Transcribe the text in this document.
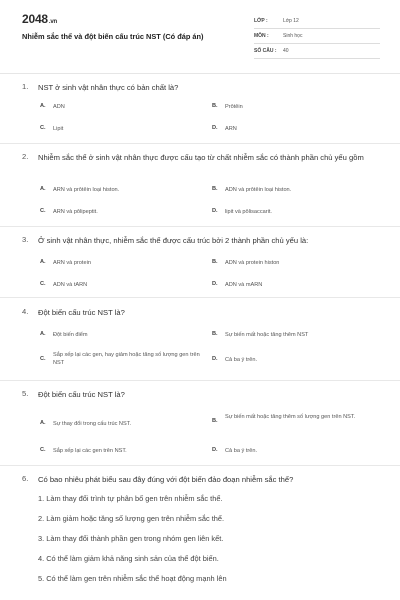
2048.vn
Nhiễm sắc thể và đột biến cấu trúc NST (Có đáp án)
LỚP :	Lớp 12
MÔN :	Sinh học
SỐ CÂU : 40
1. NST ở sinh vật nhân thực có bản chất là?
A. ADN	B. Prôtêin
C. Lipit	D. ARN
2. Nhiễm sắc thể ở sinh vật nhân thực được cấu tạo từ chất nhiễm sắc có thành phần chủ yếu gồm
A. ARN và prôtêin loại histon.	B. ADN và prôtêin loại histon.
C. ARN và pôlipeptit.	D. lipit và pôlisaccarit.
3. Ở sinh vật nhân thực, nhiễm sắc thể được cấu trúc bởi 2 thành phần chủ yếu là:
A. ARN và protein	B. ADN và protein histon
C. ADN và tARN	D. ADN và mARN
4. Đột biến cấu trúc NST là?
A. Đột biến điểm	B. Sự biến mất hoặc tăng thêm NST
C.
Sắp xếp lại các gen, hay giảm hoặc tăng số lượng gen trên NST
D. Cả ba ý trên.
5. Đột biến cấu trúc NST là?
A. Sự thay đổi trong cấu trúc NST.	B.
Sự biến mất hoặc tăng thêm số lượng gen trên NST.
C. Sắp xếp lại các gen trên NST.	D. Cả ba ý trên.
6. Có bao nhiêu phát biểu sau đây đúng với đột biến đảo đoạn nhiễm sắc thể?
1. Làm thay đổi trình tự phân bố gen trên nhiễm sắc thể.
2. Làm giảm hoặc tăng số lượng gen trên nhiễm sắc thể.
3. Làm thay đổi thành phần gen trong nhóm gen liên kết.
4. Có thể làm giảm khả năng sinh sản của thể đột biến.
5. Có thể làm gen trên nhiễm sắc thể hoạt động mạnh lên
